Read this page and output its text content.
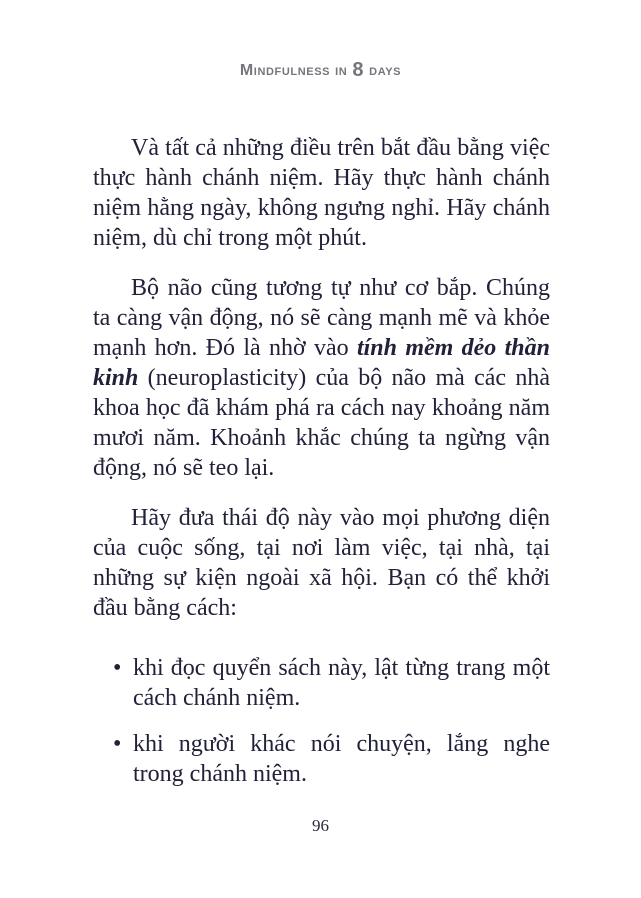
Mindfulness in 8 days

Và tất cả những điều trên bắt đầu bằng việc thực hành chánh niệm. Hãy thực hành chánh niệm hằng ngày, không ngưng nghỉ. Hãy chánh niệm, dù chỉ trong một phút.

Bộ não cũng tương tự như cơ bắp. Chúng ta càng vận động, nó sẽ càng mạnh mẽ và khỏe mạnh hơn. Đó là nhờ vào tính mềm dẻo thần kinh (neuroplasticity) của bộ não mà các nhà khoa học đã khám phá ra cách nay khoảng năm mươi năm. Khoảnh khắc chúng ta ngừng vận động, nó sẽ teo lại.

Hãy đưa thái độ này vào mọi phương diện của cuộc sống, tại nơi làm việc, tại nhà, tại những sự kiện ngoài xã hội. Bạn có thể khởi đầu bằng cách:

• khi đọc quyển sách này, lật từng trang một cách chánh niệm.
• khi người khác nói chuyện, lắng nghe trong chánh niệm.
96
